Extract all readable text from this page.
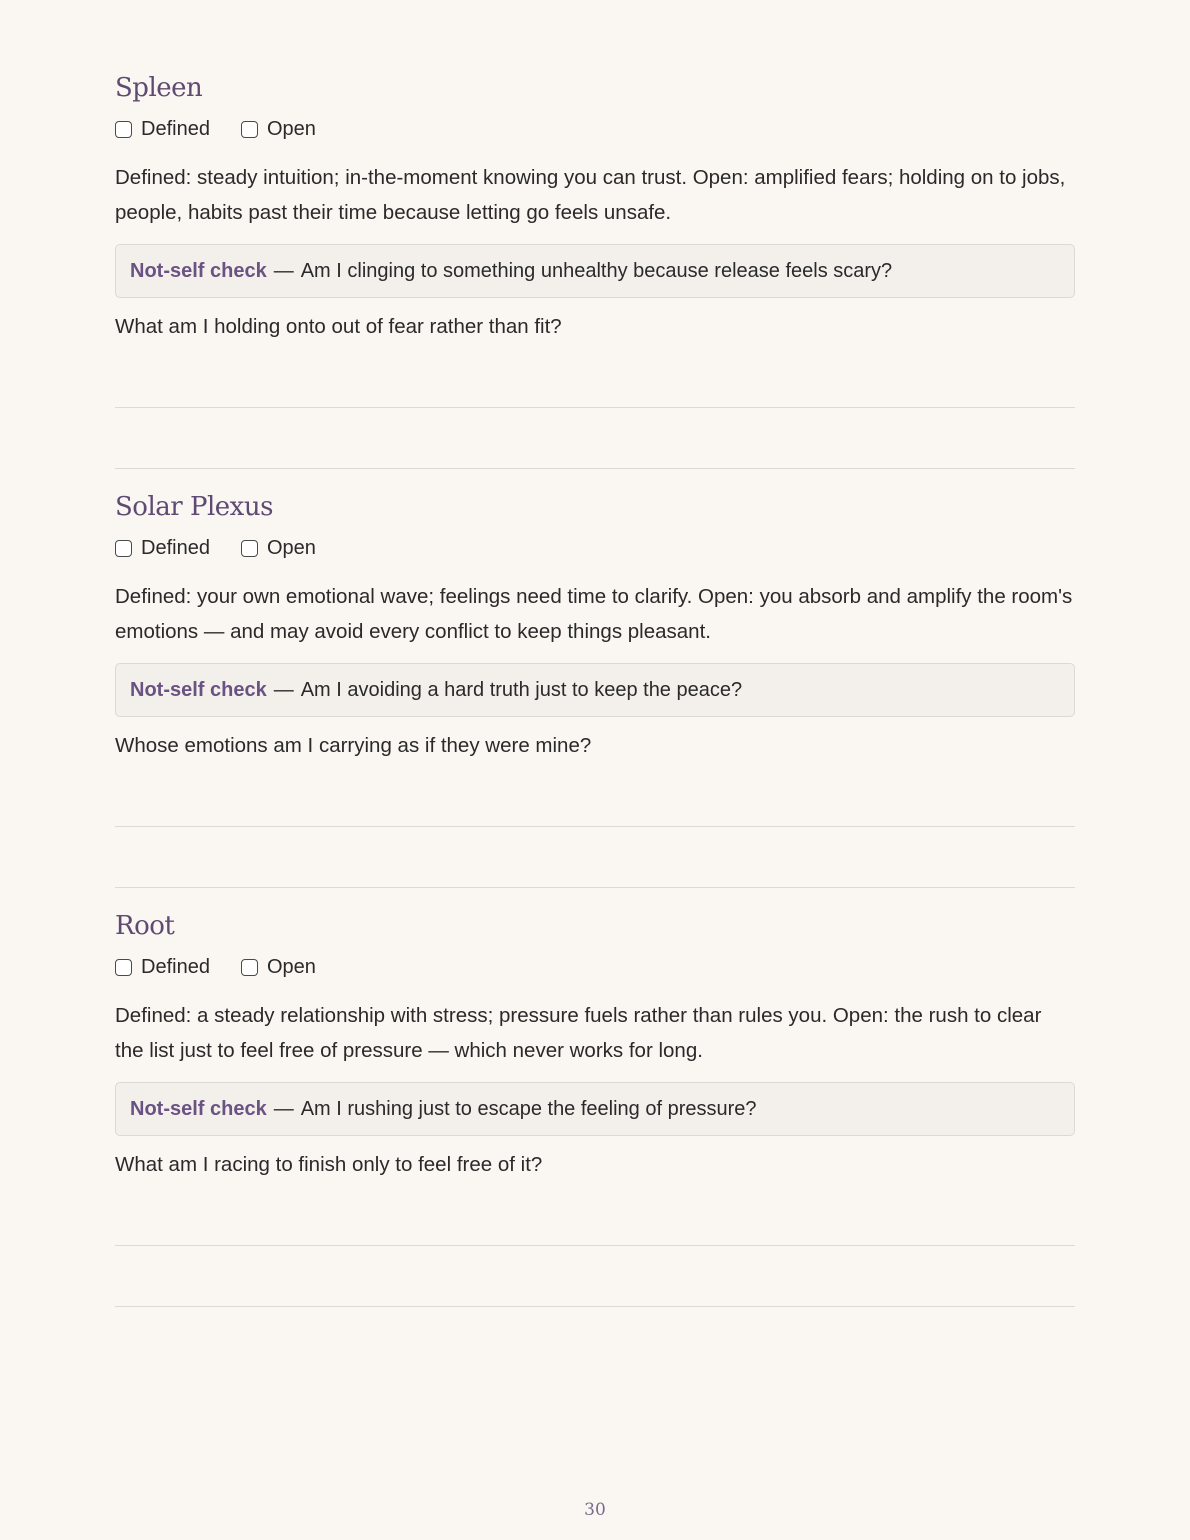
Spleen
Defined	Open

Defined: steady intuition; in-the-moment knowing you can trust. Open: amplified fears; holding on to jobs, people, habits past their time because letting go feels unsafe.

Not-self check — Am I clinging to something unhealthy because release feels scary?
What am I holding onto out of fear rather than fit?
Solar Plexus
Defined	Open

Defined: your own emotional wave; feelings need time to clarify. Open: you absorb and amplify the room's emotions — and may avoid every conflict to keep things pleasant.

Not-self check — Am I avoiding a hard truth just to keep the peace?
Whose emotions am I carrying as if they were mine?
Root
Defined	Open

Defined: a steady relationship with stress; pressure fuels rather than rules you. Open: the rush to clear the list just to feel free of pressure — which never works for long.

Not-self check — Am I rushing just to escape the feeling of pressure?
What am I racing to finish only to feel free of it?
30
